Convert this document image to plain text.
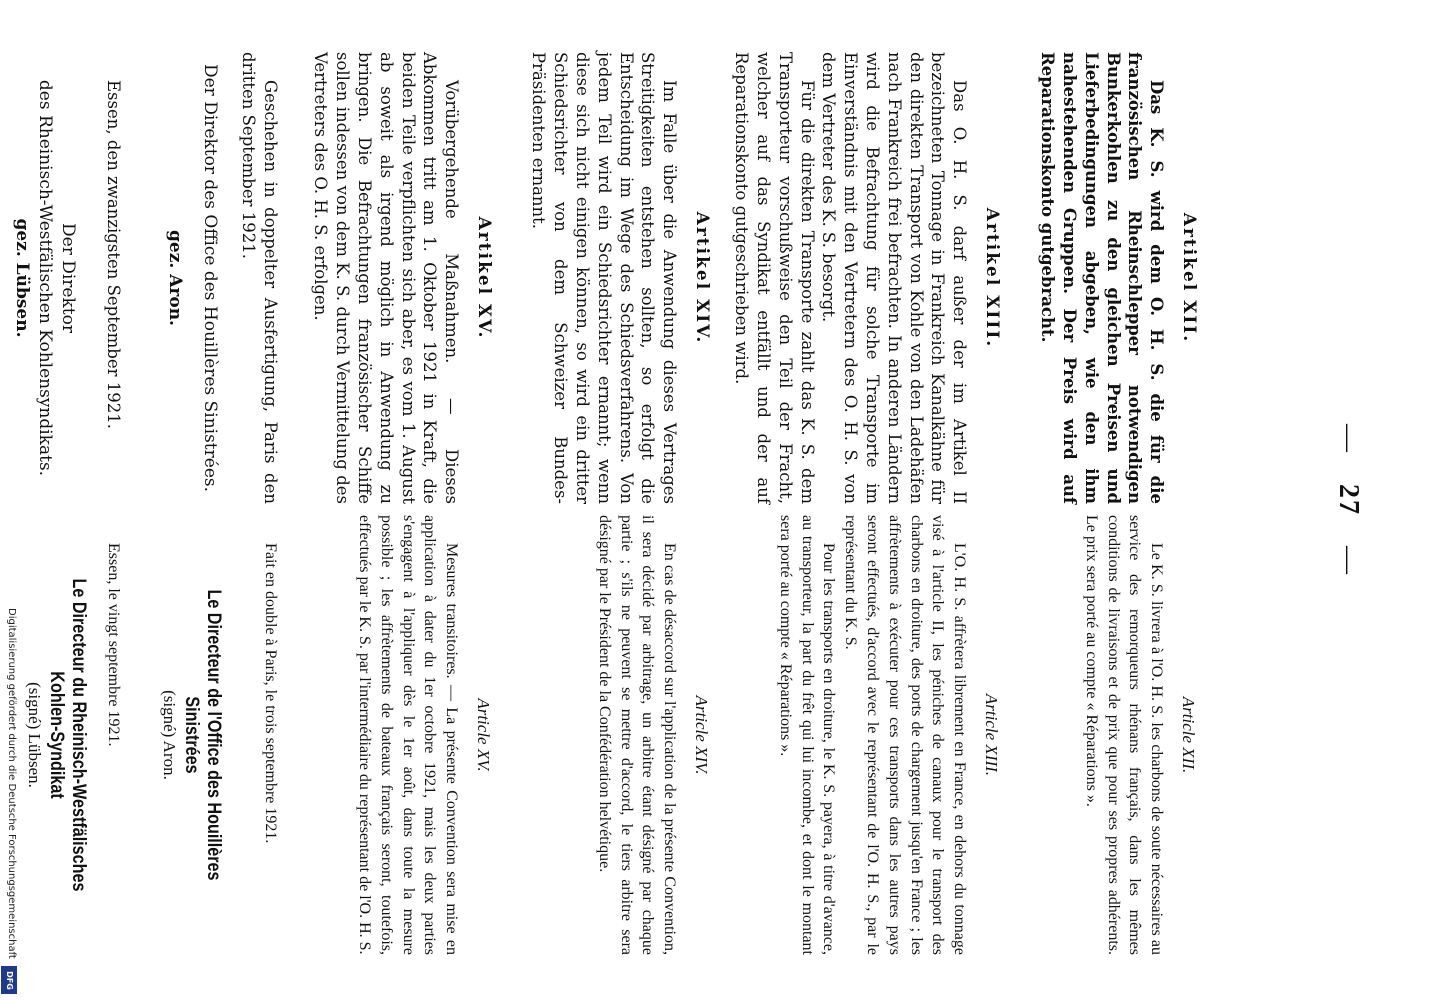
—27—
Artikel XII.

Das K. S. wird dem O. H. S. die für die französischen Rheinschlepper notwendigen Bunkerkohlen zu den gleichen Preisen und Lieferbedingungen abgeben, wie den ihm nahestehenden Gruppen. Der Preis wird auf Reparationskonto gutgebracht.

Artikel XIII.

Das O. H. S. darf außer der im Artikel II bezeichneten Tonnage in Frankreich Kanalkähne für den direkten Transport von Kohle von den Ladehäfen nach Frankreich frei befrachten. In anderen Ländern wird die Befrachtung für solche Transporte im Einverständnis mit den Vertretern des O. H. S. von dem Vertreter des K. S. besorgt.

Für die direkten Transporte zahlt das K. S. dem Transporteur vorschußweise den Teil der Fracht, welcher auf das Syndikat entfällt und der auf Reparationskonto gutgeschrieben wird.

Artikel XIV.

Im Falle über die Anwendung dieses Vertrages Streitigkeiten entstehen sollten, so erfolgt die Entscheidung im Wege des Schiedsverfahrens. Von jedem Teil wird ein Schiedsrichter ernannt; wenn diese sich nicht einigen können, so wird ein dritter Schiedsrichter von dem Schweizer Bundes-Präsidenten ernannt.

Artikel XV.

Vorübergehende Maßnahmen. — Dieses Abkommen tritt am 1. Oktober 1921 in Kraft, die beiden Teile verpflichten sich aber, es vom 1. August ab soweit als irgend möglich in Anwendung zu bringen. Die Befrachtungen französischer Schiffe sollen indessen von dem K. S. durch Vermittelung des Vertreters des O. H. S. erfolgen.

Geschehen in doppelter Ausfertigung, Paris den dritten September 1921.

Der Direktor des Office des Houillères Sinistrées.
gez. Aron.

Essen, den zwanzigsten September 1921.

Der Direktor
des Rheinisch-Westfälischen Kohlensyndikats.
gez. Lübsen.
Article XII.

Le K. S. livrera à l'O. H. S. les charbons de soute nécessaires au service des remorqueurs rhénans français, dans les mêmes conditions de livraisons et de prix que pour ses propres adhérents. Le prix sera porté au compte « Réparations ».

Article XIII.

L'O. H. S. affrètera librement en France, en dehors du tonnage visé à l'article II, les péniches de canaux pour le transport des charbons en droiture, des ports de chargement jusqu'en France ; les affrètements à exécuter pour ces transports dans les autres pays seront effectués, d'accord avec le représentant de l'O. H. S., par le représentant du K. S.

Pour les transports en droiture, le K. S. payera, à titre d'avance, au transporteur, la part du frêt qui lui incombe, et dont le montant sera porté au compte « Réparations ».

Article XIV.

En cas de désaccord sur l'application de la présente Convention, il sera décidé par arbitrage, un arbitre étant désigné par chaque partie ; s'ils ne peuvent se mettre d'accord, le tiers arbitre sera désigné par le Président de la Confédération helvétique.

Article XV.

Mesures transitoires. — La présente Convention sera mise en application à dater du 1er octobre 1921, mais les deux parties s'engagent à l'appliquer dès le 1er août, dans toute la mesure possible ; les affrètements de bateaux français seront, toutefois, effectués par le K. S. par l'intermédiaire du représentant de l'O. H. S.

Fait en double à Paris, le trois septembre 1921.

Le Directeur de l'Office des Houillères
Sinistrées
(signé) Aron.

Essen, le vingt septembre 1921.

Le Directeur du Rheinisch-Westfälisches
Kohlen-Syndikat
(signé) Lübsen.
Digitalisierung gefördert durch die Deutsche Forschungsgemeinschaft
DFG
